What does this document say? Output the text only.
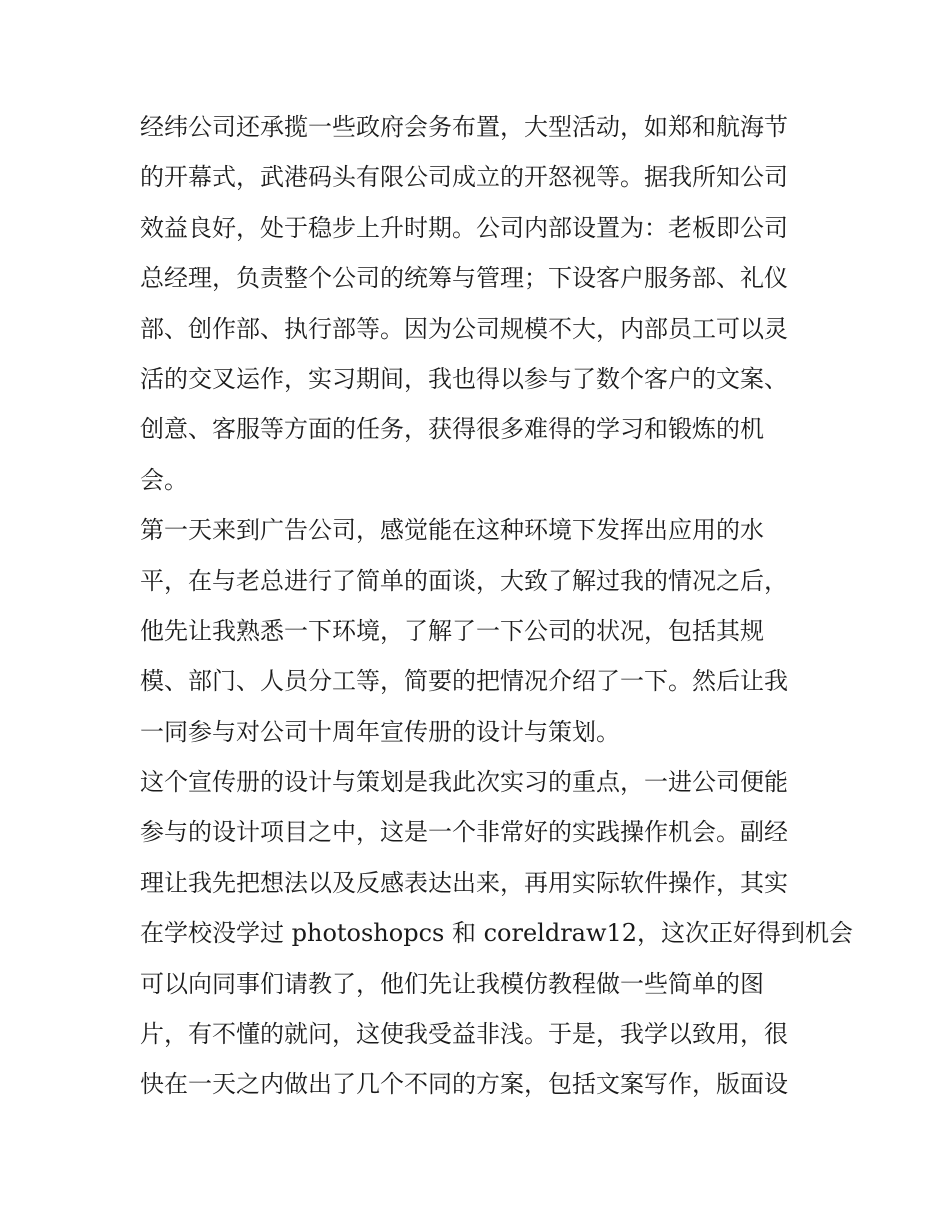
经纬公司还承揽一些政府会务布置，大型活动，如郑和航海节
的开幕式，武港码头有限公司成立的开怒视等。据我所知公司
效益良好，处于稳步上升时期。公司内部设置为：老板即公司
总经理，负责整个公司的统筹与管理；下设客户服务部、礼仪
部、创作部、执行部等。因为公司规模不大，内部员工可以灵
活的交叉运作，实习期间，我也得以参与了数个客户的文案、
创意、客服等方面的任务，获得很多难得的学习和锻炼的机
会。
第一天来到广告公司，感觉能在这种环境下发挥出应用的水
平，在与老总进行了简单的面谈，大致了解过我的情况之后，
他先让我熟悉一下环境，了解了一下公司的状况，包括其规
模、部门、人员分工等，简要的把情况介绍了一下。然后让我
一同参与对公司十周年宣传册的设计与策划。
这个宣传册的设计与策划是我此次实习的重点，一进公司便能
参与的设计项目之中，这是一个非常好的实践操作机会。副经
理让我先把想法以及反感表达出来，再用实际软件操作，其实
在学校没学过 photoshopcs 和 coreldraw12，这次正好得到机会
可以向同事们请教了，他们先让我模仿教程做一些简单的图
片，有不懂的就问，这使我受益非浅。于是，我学以致用，很
快在一天之内做出了几个不同的方案，包括文案写作，版面设
